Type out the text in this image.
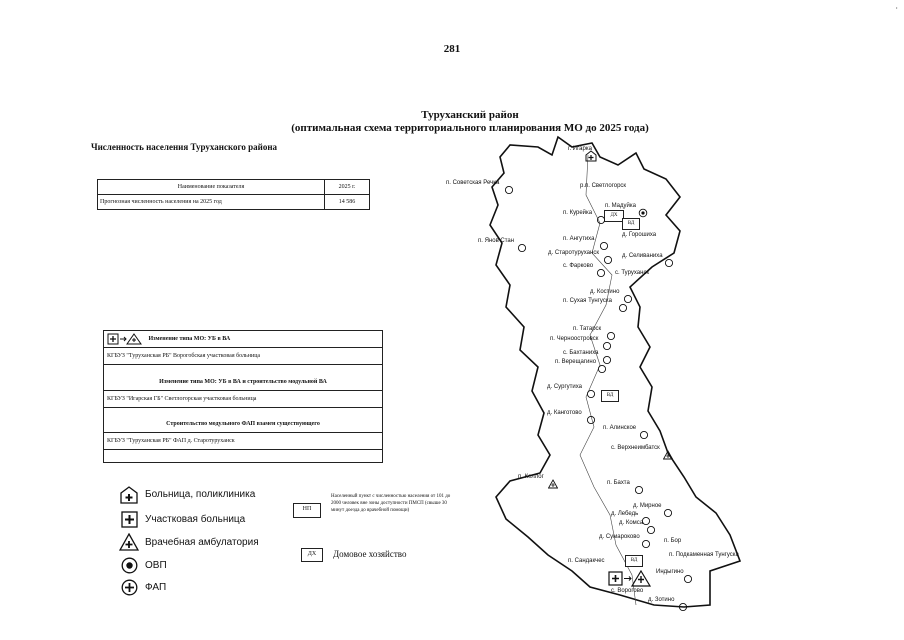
·
281
Туруханский район
(оптимальная схема территориального планирования МО до 2025 года)
Численность населения Туруханского района
Наименование показателя	2025 г.
Прогнозная численность населения на 2025 год	14 586
Изменение типа МО: УБ в ВА
КГБУЗ "Туруханская РБ" Ворогобская участковая больница
Изменение типа МО: УБ в ВА и строительство модульной ВА
КГБУЗ "Игарская ГБ" Светлогорская участковая больница
Строительство модульного ФАП взамен существующего
КГБУЗ "Туруханская РБ" ФАП д. Старотуруханск
Больница, поликлиника
Участковая больница
Врачебная амбулатория
ОВП
ФАП
НП
Населенный пункт с численностью населения от 101 до 2000 человек вне зоны доступности ПМСП (свыше 30 минут доезда до врачебной помощи)
ДХ	Домовое хозяйство
ДХ
ВД
ВД
ВД
г. Игарка
п. Советская Речка	р.п. Светлогорск
п. Курейка
п. Мадуйка
п. Янов Стан
д. Горошиха
п. Ангутиха
д. Старотуруханск	д. Селиваниха
с. Фарково
с. Туруханск
д. Костино
п. Сухая Тунгуска
п. Татарск
п. Черноостровск
с. Бахтаниха
п. Верещагино
д. Сургутиха
д. Канготово
п. Алинское
с. Верхнеимбатск
п. Келлог
п. Бахта
д. Мирное
д. Лебедь
д. Комса
д. Сумароково
п. Бор
п. Подкаменная Тунгуска
п. Сандакчес
с. Ворогово
Индыгино
д. Зотино
